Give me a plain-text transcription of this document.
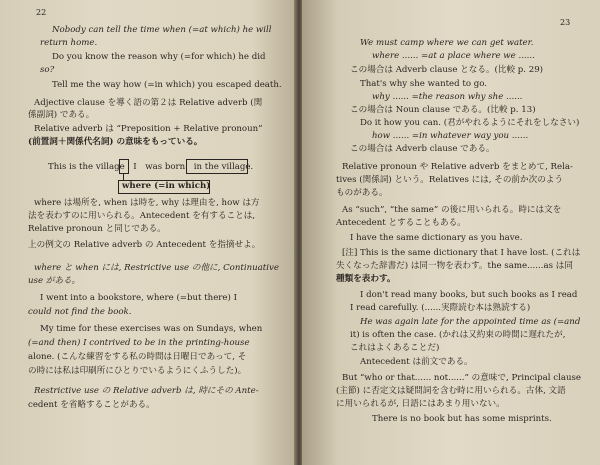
22
Nobody can tell the time when (=at which) he will
return home.
Do you know the reason why (=for which) he did
so?
Tell me the way how (=in which) you escaped death.
Adjective clause を導く語の第２は Relative adverb (関
係副詞) である。
Relative adverb は “Preposition + Relative pronoun”
(前置詞＋関係代名詞) の意味をもっている。
This is the village　I　was born　in the village.
where (=in which)
where は場所を, when は時を, why は理由を, how は方
法を表わすのに用いられる。Antecedent を有することは,
Relative pronoun と同じである。
上の例文の Relative adverb の Antecedent を指摘せよ。
where と when には, Restrictive use の他に, Continuative
use がある。
I went into a bookstore, where (=but there) I
could not find the book.
My time for these exercises was on Sundays, when
(=and then) I contrived to be in the printing-house
alone. (こんな練習をする私の時間は日曜日であって, そ
の時には私は印刷所にひとりでいるようにくふうした)。
Restrictive use の Relative adverb は, 時にその Ante-
cedent を省略することがある。
23
We must camp where we can get water.
where ...... =at a place where we ......
この場合は Adverb clause となる。(比較 p. 29)
That's why she wanted to go.
why ...... =the reason why she ......
この場合は Noun clause である。(比較 p. 13)
Do it how you can. (君がやれるようにそれをしなさい)
how ...... =in whatever way you ......
この場合は Adverb clause である。
Relative pronoun や Relative adverb をまとめて, Rela-
tives (関係詞) という。Relatives には, その前か次のよう
ものがある。
As “such”, “the same” の後に用いられる。時には文を
Antecedent とすることもある。
I have the same dictionary as you have.
[注] This is the same dictionary that I have lost. (これは
失くなった辞書だ) は同一物を表わす。the same......as は同
種類を表わす。
I don't read many books, but such books as I read
I read carefully. (......実際読む本は熟読する)
He was again late for the appointed time as (=and
it) is often the case. (かれは又約束の時間に遅れたが,
これはよくあることだ)
Antecedent は前文である。
But “who or that...... not......” の意味で, Principal clause
(主節) に否定文は疑問詞を含む時に用いられる。古体, 文語
に用いられるが, 日語にはあまり用いない。
There is no book but has some misprints.
